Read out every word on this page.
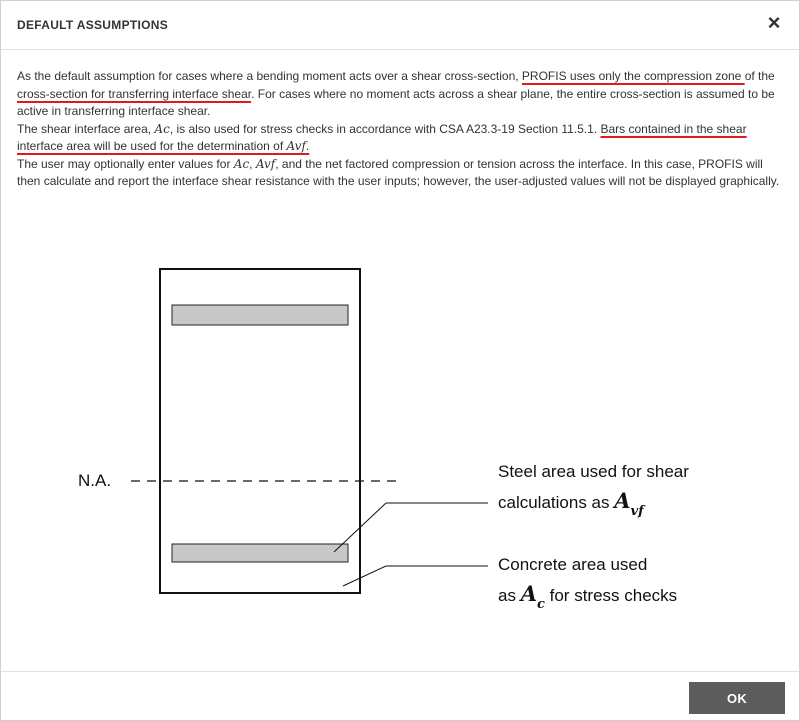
DEFAULT ASSUMPTIONS	×

As the default assumption for cases where a bending moment acts over a shear cross-section, PROFIS uses only the compression zone of the cross-section for transferring interface shear. For cases where no moment acts across a shear plane, the entire cross-section is assumed to be active in transferring interface shear.

The shear interface area, Ac, is also used for stress checks in accordance with CSA A23.3-19 Section 11.5.1. Bars contained in the shear
interface area will be used for the determination of Avf.

The user may optionally enter values for Ac, Avf, and the net factored compression or tension across the interface. In this case, PROFIS will then calculate and report the interface shear resistance with the user inputs; however, the user-adjusted values will not be displayed graphically.

N.A.	Steel area used for shear
calculations as $A_{vf}$
Concrete area used
as $A_c$ for stress checks
OK
